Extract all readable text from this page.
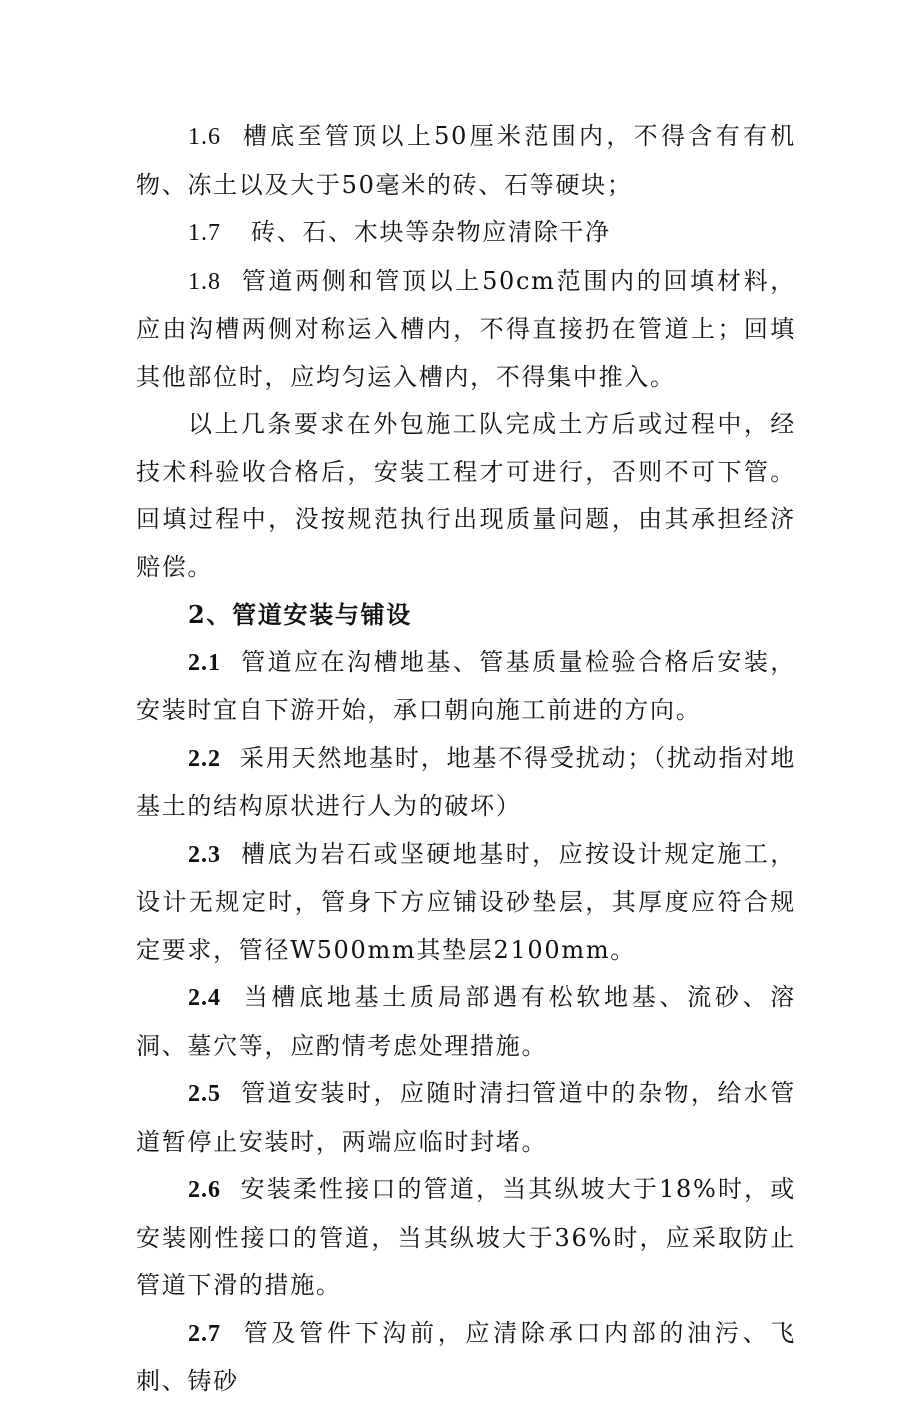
1.6 槽底至管顶以上50厘米范围内，不得含有有机物、冻土以及大于50毫米的砖、石等硬块；

1.7 砖、石、木块等杂物应清除干净

1.8 管道两侧和管顶以上50cm范围内的回填材料，应由沟槽两侧对称运入槽内，不得直接扔在管道上；回填其他部位时，应均匀运入槽内，不得集中推入。

以上几条要求在外包施工队完成土方后或过程中，经技术科验收合格后，安装工程才可进行，否则不可下管。回填过程中，没按规范执行出现质量问题，由其承担经济赔偿。

2、管道安装与铺设

2.1 管道应在沟槽地基、管基质量检验合格后安装，安装时宜自下游开始，承口朝向施工前进的方向。

2.2 采用天然地基时，地基不得受扰动；（扰动指对地基土的结构原状进行人为的破坏）

2.3 槽底为岩石或坚硬地基时，应按设计规定施工，设计无规定时，管身下方应铺设砂垫层，其厚度应符合规定要求，管径W500mm其垫层2100mm。

2.4 当槽底地基土质局部遇有松软地基、流砂、溶洞、墓穴等，应酌情考虑处理措施。

2.5 管道安装时，应随时清扫管道中的杂物，给水管道暂停止安装时，两端应临时封堵。

2.6 安装柔性接口的管道，当其纵坡大于18%时，或安装刚性接口的管道，当其纵坡大于36%时，应采取防止管道下滑的措施。

2.7 管及管件下沟前，应清除承口内部的油污、飞刺、铸砂
